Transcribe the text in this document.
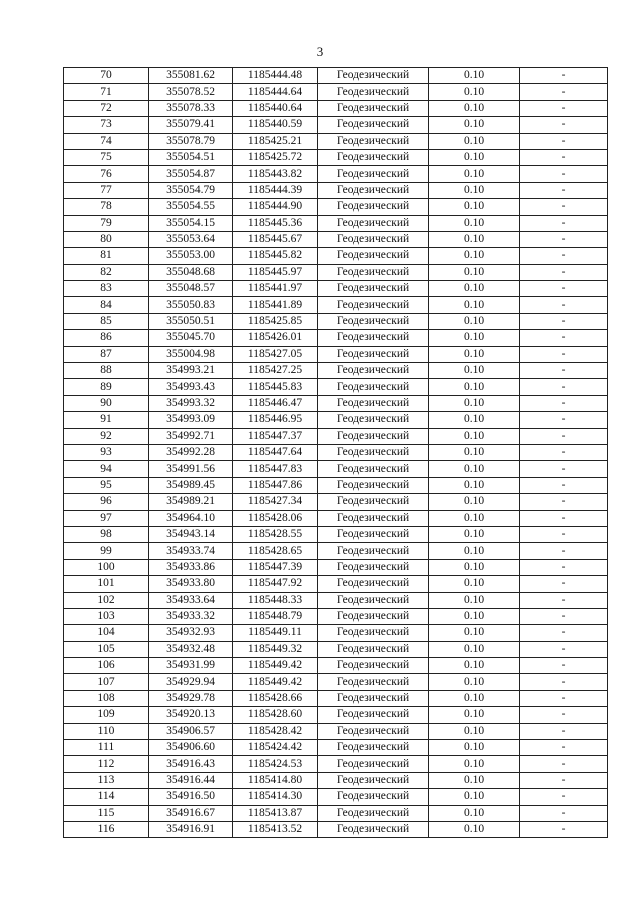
3
70	355081.62	1185444.48	Геодезический	0.10	-
71	355078.52	1185444.64	Геодезический	0.10	-
72	355078.33	1185440.64	Геодезический	0.10	-
73	355079.41	1185440.59	Геодезический	0.10	-
74	355078.79	1185425.21	Геодезический	0.10	-
75	355054.51	1185425.72	Геодезический	0.10	-
76	355054.87	1185443.82	Геодезический	0.10	-
77	355054.79	1185444.39	Геодезический	0.10	-
78	355054.55	1185444.90	Геодезический	0.10	-
79	355054.15	1185445.36	Геодезический	0.10	-
80	355053.64	1185445.67	Геодезический	0.10	-
81	355053.00	1185445.82	Геодезический	0.10	-
82	355048.68	1185445.97	Геодезический	0.10	-
83	355048.57	1185441.97	Геодезический	0.10	-
84	355050.83	1185441.89	Геодезический	0.10	-
85	355050.51	1185425.85	Геодезический	0.10	-
86	355045.70	1185426.01	Геодезический	0.10	-
87	355004.98	1185427.05	Геодезический	0.10	-
88	354993.21	1185427.25	Геодезический	0.10	-
89	354993.43	1185445.83	Геодезический	0.10	-
90	354993.32	1185446.47	Геодезический	0.10	-
91	354993.09	1185446.95	Геодезический	0.10	-
92	354992.71	1185447.37	Геодезический	0.10	-
93	354992.28	1185447.64	Геодезический	0.10	-
94	354991.56	1185447.83	Геодезический	0.10	-
95	354989.45	1185447.86	Геодезический	0.10	-
96	354989.21	1185427.34	Геодезический	0.10	-
97	354964.10	1185428.06	Геодезический	0.10	-
98	354943.14	1185428.55	Геодезический	0.10	-
99	354933.74	1185428.65	Геодезический	0.10	-
100	354933.86	1185447.39	Геодезический	0.10	-
101	354933.80	1185447.92	Геодезический	0.10	-
102	354933.64	1185448.33	Геодезический	0.10	-
103	354933.32	1185448.79	Геодезический	0.10	-
104	354932.93	1185449.11	Геодезический	0.10	-
105	354932.48	1185449.32	Геодезический	0.10	-
106	354931.99	1185449.42	Геодезический	0.10	-
107	354929.94	1185449.42	Геодезический	0.10	-
108	354929.78	1185428.66	Геодезический	0.10	-
109	354920.13	1185428.60	Геодезический	0.10	-
110	354906.57	1185428.42	Геодезический	0.10	-
111	354906.60	1185424.42	Геодезический	0.10	-
112	354916.43	1185424.53	Геодезический	0.10	-
113	354916.44	1185414.80	Геодезический	0.10	-
114	354916.50	1185414.30	Геодезический	0.10	-
115	354916.67	1185413.87	Геодезический	0.10	-
116	354916.91	1185413.52	Геодезический	0.10	-
